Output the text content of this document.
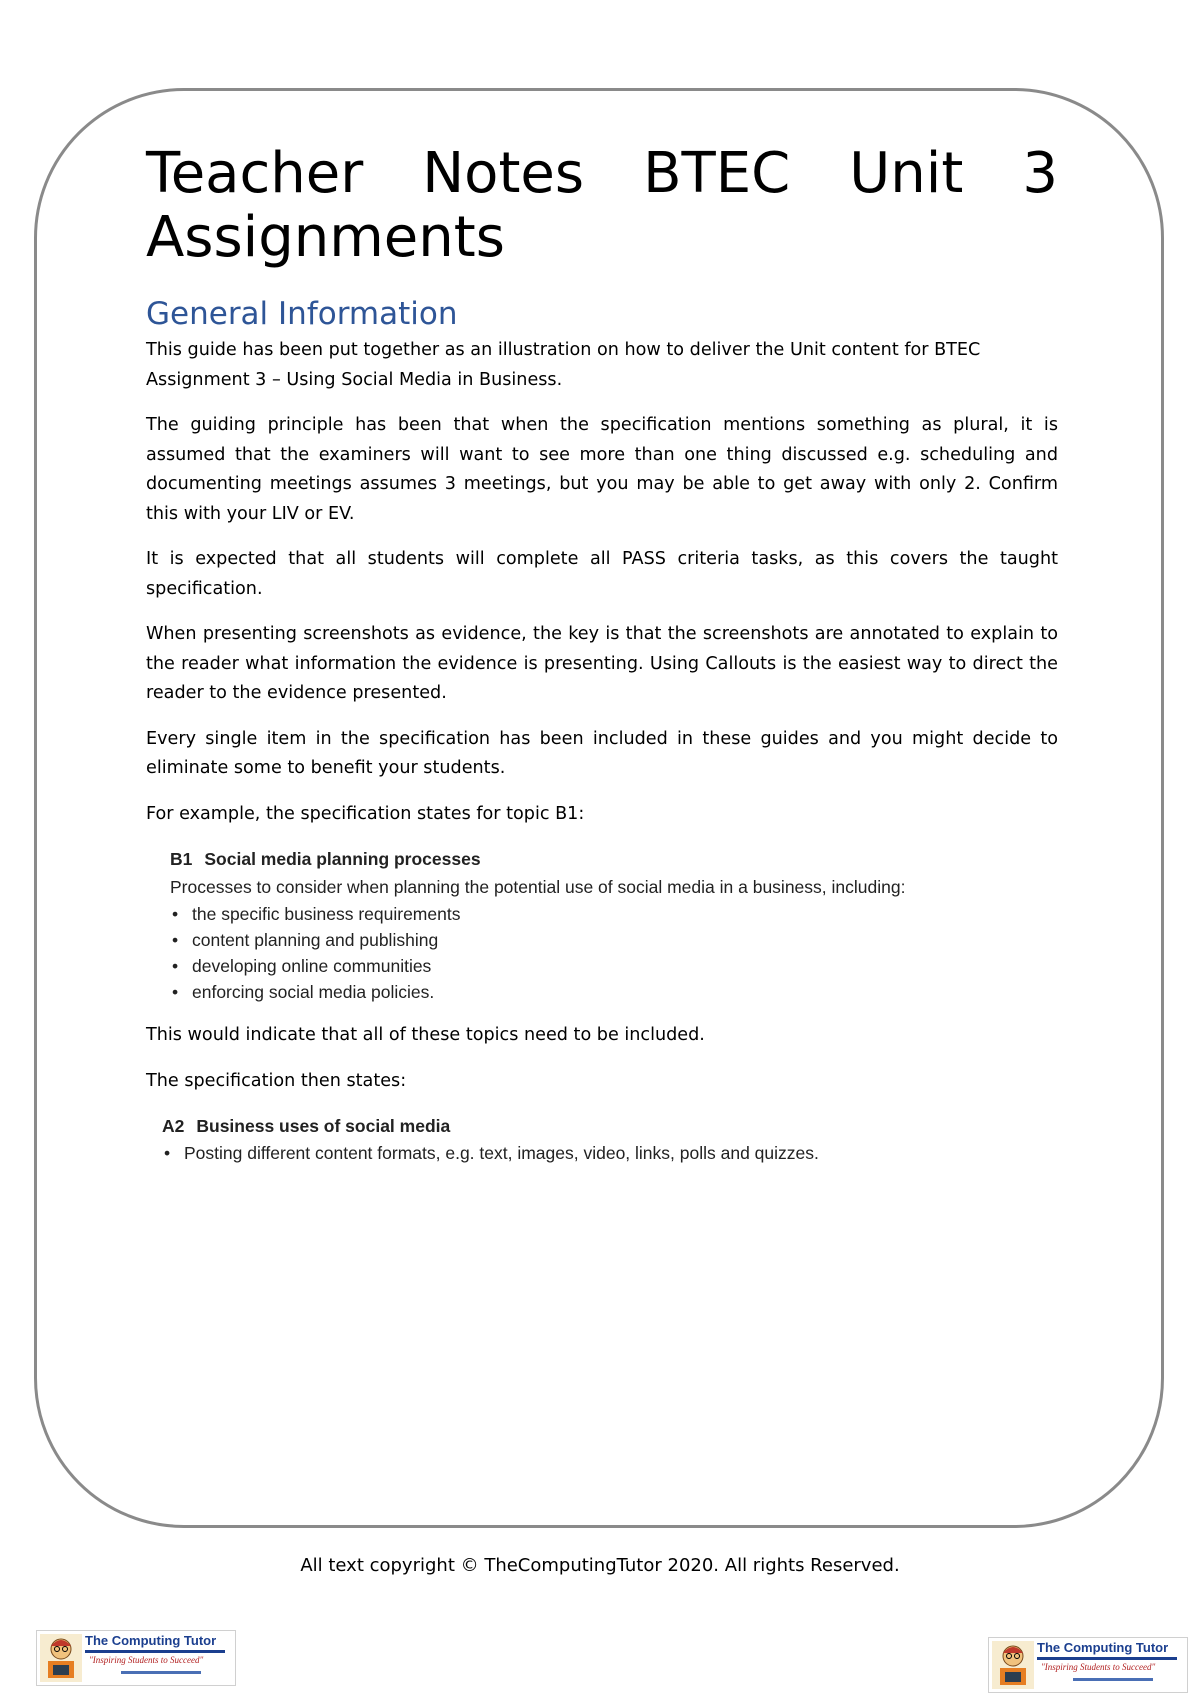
Teacher Notes BTEC Unit 3 Assignments
General Information

This guide has been put together as an illustration on how to deliver the Unit content for BTEC Assignment 3 – Using Social Media in Business.

The guiding principle has been that when the specification mentions something as plural, it is assumed that the examiners will want to see more than one thing discussed e.g. scheduling and documenting meetings assumes 3 meetings, but you may be able to get away with only 2. Confirm this with your LIV or EV.

It is expected that all students will complete all PASS criteria tasks, as this covers the taught specification.

When presenting screenshots as evidence, the key is that the screenshots are annotated to explain to the reader what information the evidence is presenting. Using Callouts is the easiest way to direct the reader to the evidence presented.

Every single item in the specification has been included in these guides and you might decide to eliminate some to benefit your students.

For example, the specification states for topic B1:

B1 Social media planning processes
Processes to consider when planning the potential use of social media in a business, including:
• the specific business requirements
• content planning and publishing
• developing online communities
• enforcing social media policies.

This would indicate that all of these topics need to be included.

The specification then states:

A2 Business uses of social media
• Posting different content formats, e.g. text, images, video, links, polls and quizzes.
All text copyright © TheComputingTutor 2020. All rights Reserved.
The Computing Tutor
"Inspiring Students to Succeed"
The Computing Tutor
"Inspiring Students to Succeed"
